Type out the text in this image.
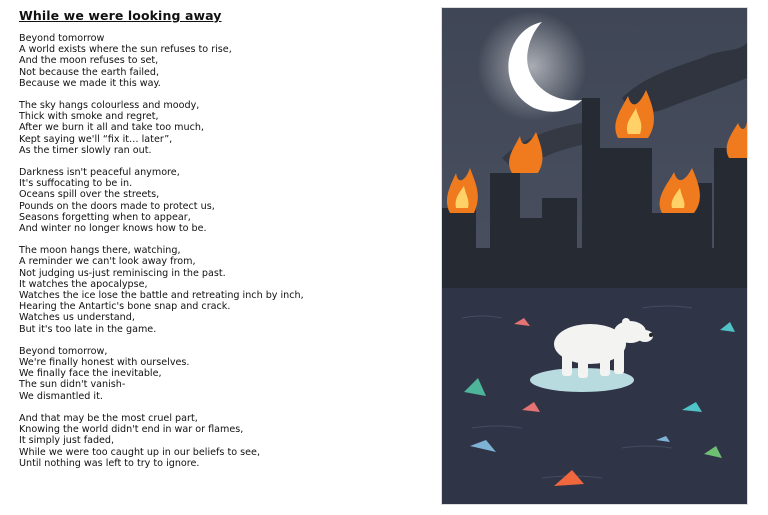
While we were looking away
Beyond tomorrow
A world exists where the sun refuses to rise,
And the moon refuses to set,
Not because the earth failed,
Because we made it this way.
The sky hangs colourless and moody,
Thick with smoke and regret,
After we burn it all and take too much,
Kept saying we'll “fix it… later”,
As the timer slowly ran out.
Darkness isn't peaceful anymore,
It's suffocating to be in.
Oceans spill over the streets,
Pounds on the doors made to protect us,
Seasons forgetting when to appear,
And winter no longer knows how to be.
The moon hangs there, watching,
A reminder we can't look away from,
Not judging us-just reminiscing in the past.
It watches the apocalypse,
Watches the ice lose the battle and retreating inch by inch,
Hearing the Antartic's bone snap and crack.
Watches us understand,
But it's too late in the game.
Beyond tomorrow,
We're finally honest with ourselves.
We finally face the inevitable,
The sun didn't vanish-
We dismantled it.
And that may be the most cruel part,
Knowing the world didn't end in war or flames,
It simply just faded,
While we were too caught up in our beliefs to see,
Until nothing was left to try to ignore.
